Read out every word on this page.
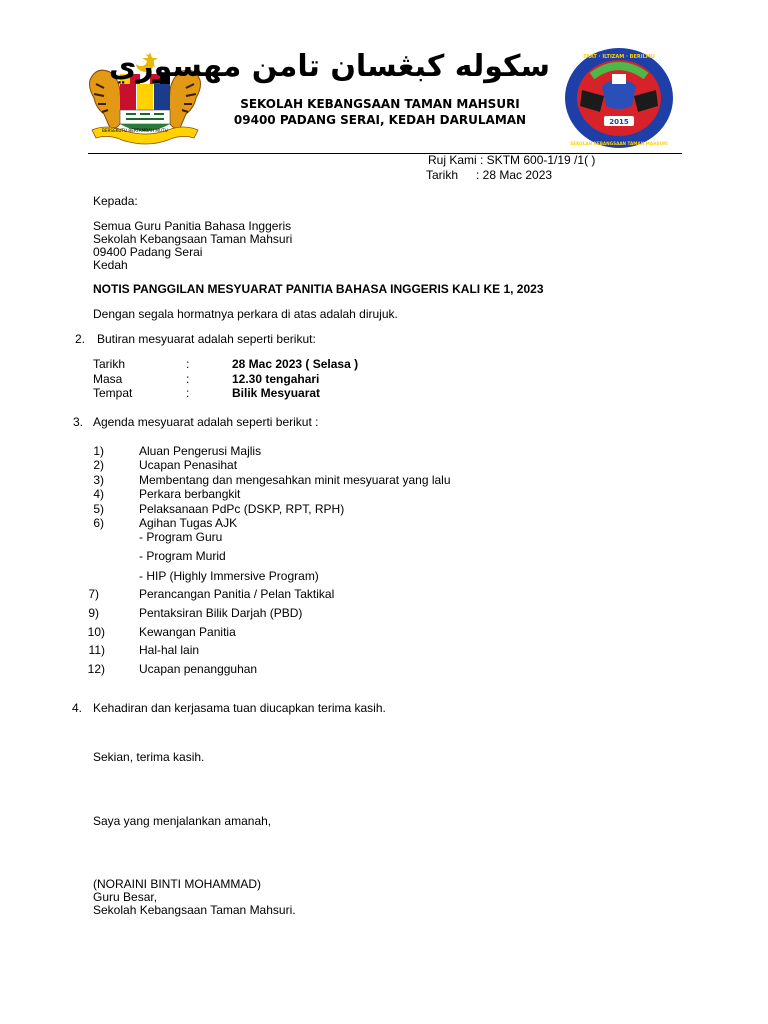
BERSEKUTU BERTAMBAH MUTU
سكوله كبڠسان تامن مهسوري
SEKOLAH KEBANGSAAN TAMAN MAHSURI
09400 PADANG SERAI, KEDAH DARULAMAN	2015
TAAT · ILTIZAM · BERILMU
SEKOLAH KEBANGSAAN TAMAN MAHSURI
Ruj Kami : SKTM 600-1/19 /1( )
Tarikh : 28 Mac 2023
Kepada:
Semua Guru Panitia Bahasa Inggeris
Sekolah Kebangsaan Taman Mahsuri
09400 Padang Serai
Kedah
NOTIS PANGGILAN MESYUARAT PANITIA BAHASA INGGERIS KALI KE 1, 2023
Dengan segala hormatnya perkara di atas adalah dirujuk.
2. Butiran mesyuarat adalah seperti berikut:
Tarikh	:	28 Mac 2023 ( Selasa )
Masa	:	12.30 tengahari
Tempat	:	Bilik Mesyuarat
3. Agenda mesyuarat adalah seperti berikut :
1)	Aluan Pengerusi Majlis
2)	Ucapan Penasihat
3)	Membentang dan mengesahkan minit mesyuarat yang lalu
4)	Perkara berbangkit
5)	Pelaksanaan PdPc (DSKP, RPT, RPH)
6)	Agihan Tugas AJK
- Program Guru
- Program Murid
- HIP (Highly Immersive Program)
7)	Perancangan Panitia / Pelan Taktikal
9)	Pentaksiran Bilik Darjah (PBD)
10)	Kewangan Panitia
11)	Hal-hal lain
12)	Ucapan penangguhan
4. Kehadiran dan kerjasama tuan diucapkan terima kasih.
Sekian, terima kasih.
Saya yang menjalankan amanah,
(NORAINI BINTI MOHAMMAD)
Guru Besar,
Sekolah Kebangsaan Taman Mahsuri.
